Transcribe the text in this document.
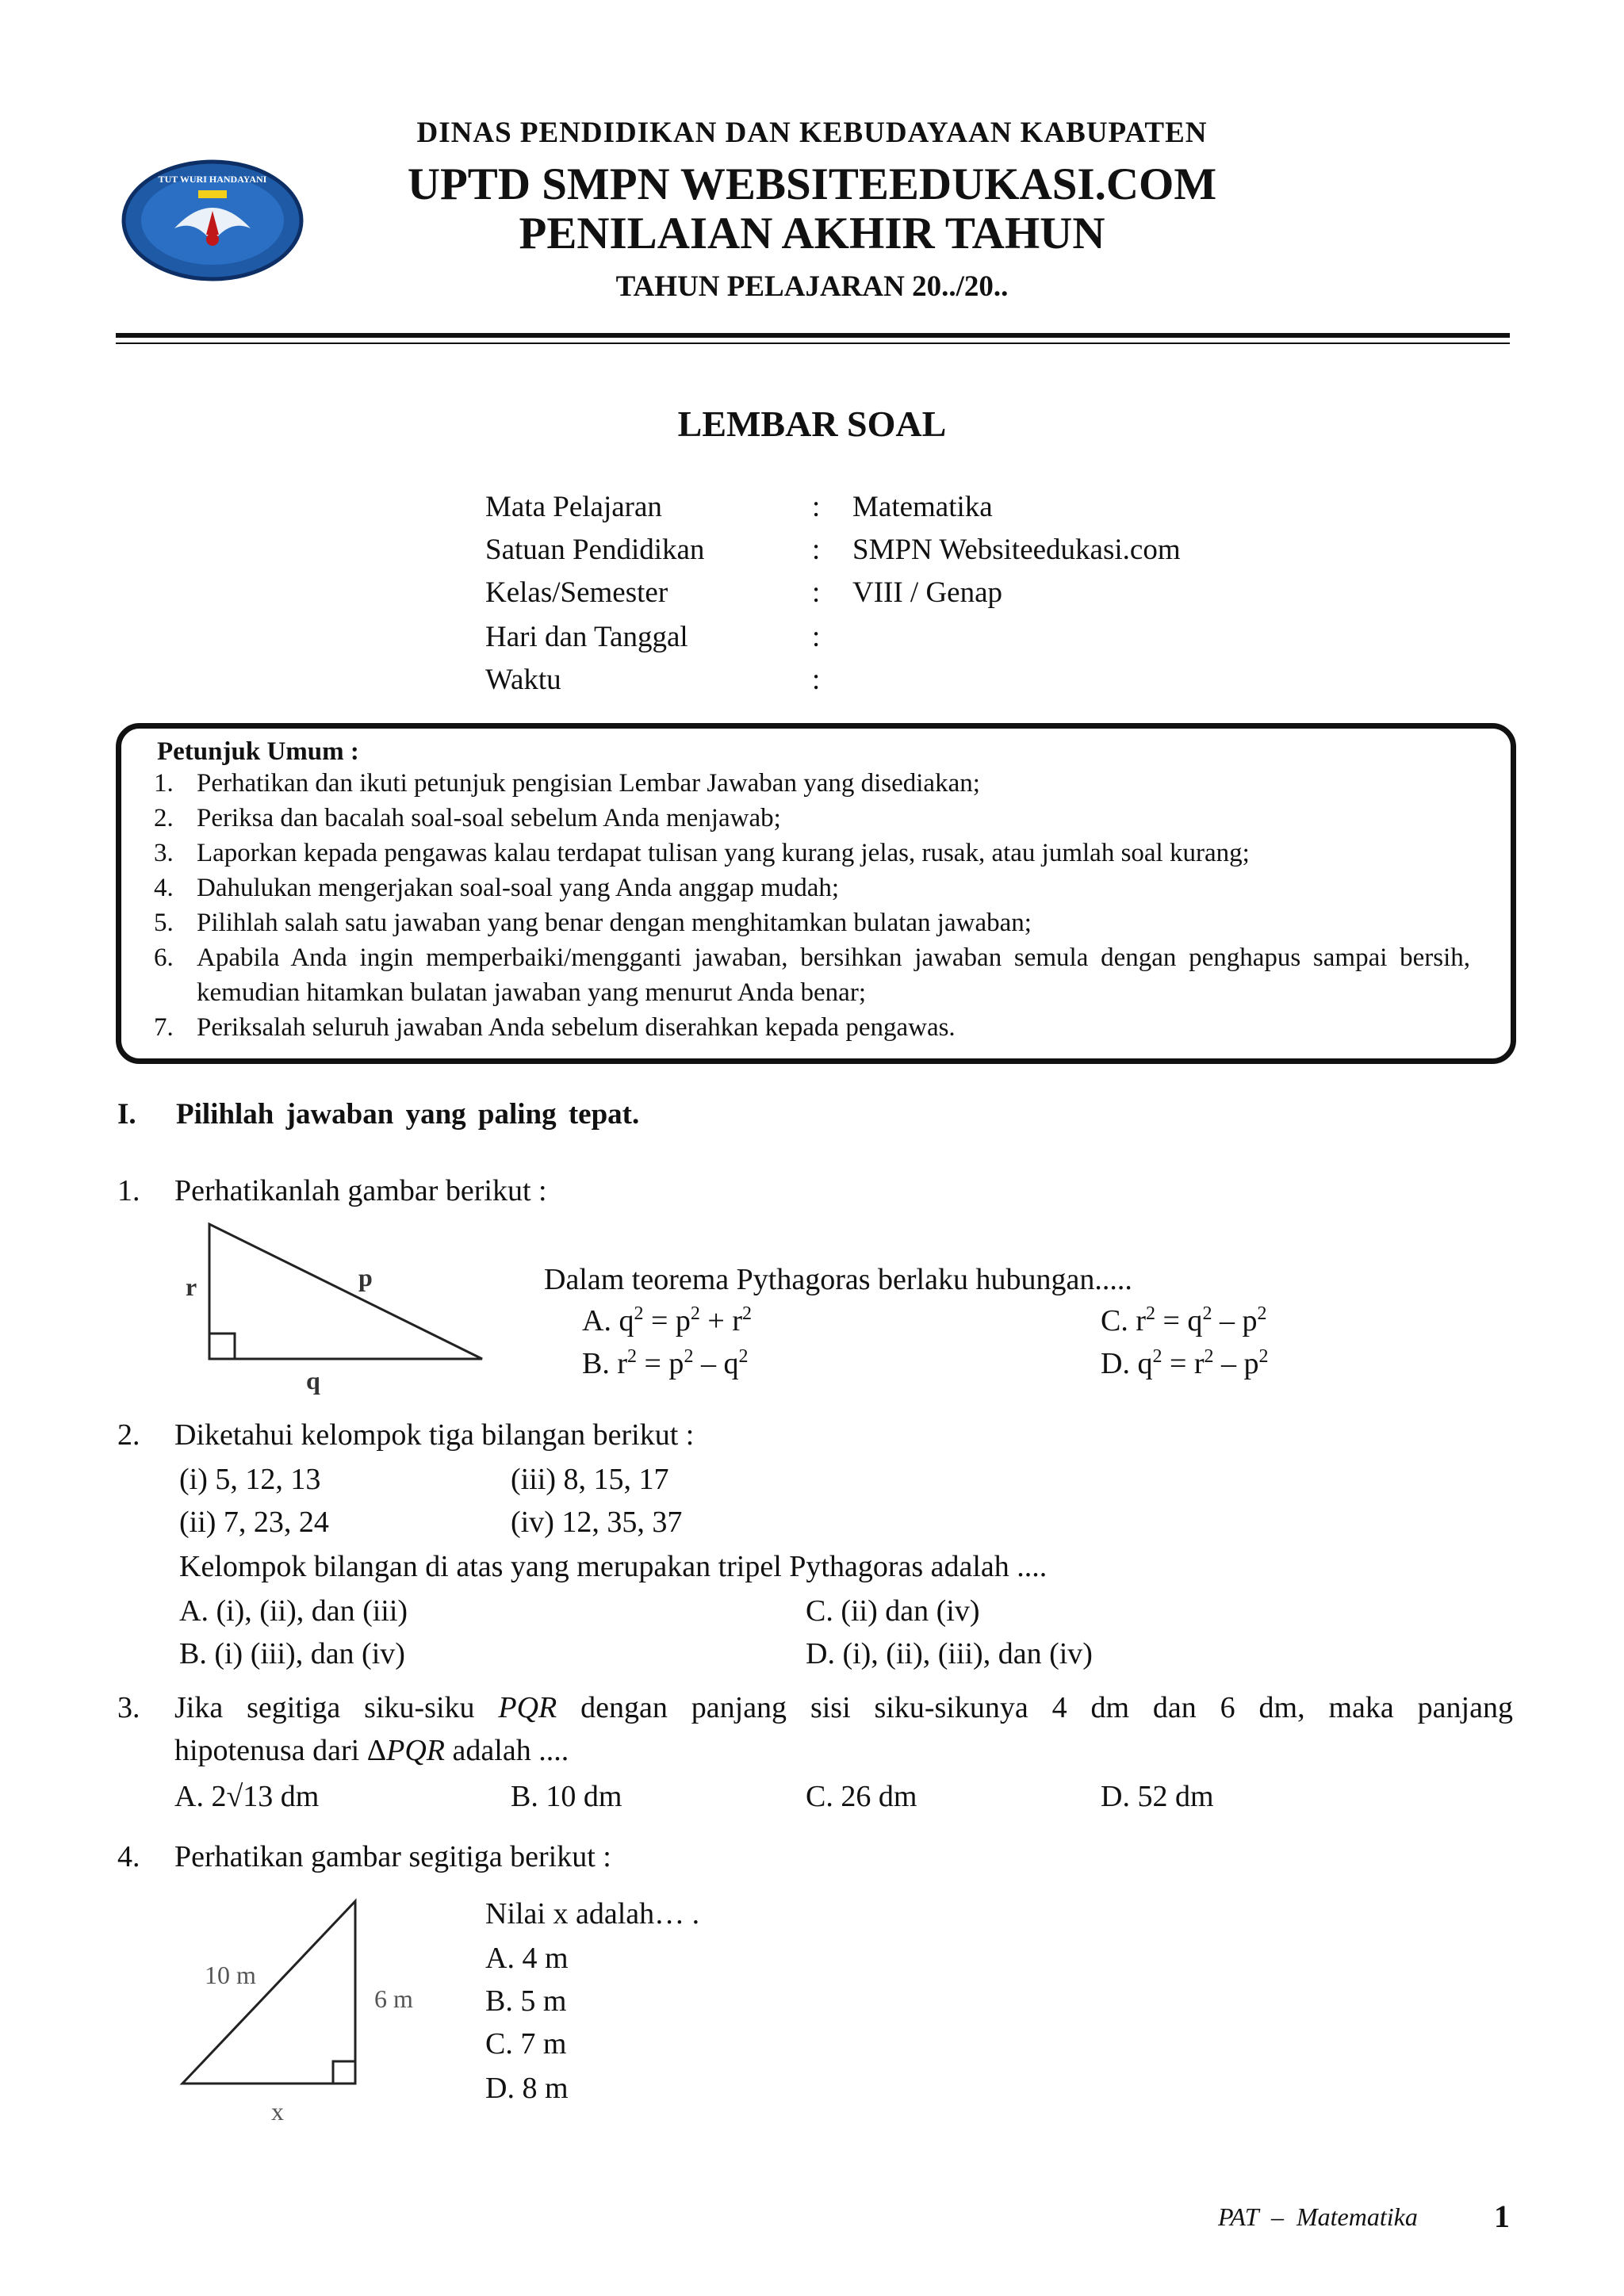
TUT WURI HANDAYANI
DINAS PENDIDIKAN DAN KEBUDAYAAN KABUPATEN
UPTD SMPN WEBSITEEDUKASI.COM
PENILAIAN AKHIR TAHUN
TAHUN PELAJARAN 20../20..
LEMBAR SOAL
Mata Pelajaran	: Matematika
Satuan Pendidikan	: SMPN Websiteedukasi.com
Kelas/Semester	: VIII / Genap
Hari dan Tanggal	:
Waktu	:
Petunjuk Umum :
1. Perhatikan dan ikuti petunjuk pengisian Lembar Jawaban yang disediakan;
2. Periksa dan bacalah soal-soal sebelum Anda menjawab;
3. Laporkan kepada pengawas kalau terdapat tulisan yang kurang jelas, rusak, atau jumlah soal kurang;
4. Dahulukan mengerjakan soal-soal yang Anda anggap mudah;
5. Pilihlah salah satu jawaban yang benar dengan menghitamkan bulatan jawaban;
6. Apabila Anda ingin memperbaiki/mengganti jawaban, bersihkan jawaban semula dengan penghapus sampai bersih, kemudian hitamkan bulatan jawaban yang menurut Anda benar;
7. Periksalah seluruh jawaban Anda sebelum diserahkan kepada pengawas.
I. Pilihlah jawaban yang paling tepat.
1. Perhatikanlah gambar berikut :
r	p
q
Dalam teorema Pythagoras berlaku hubungan.....
A. $q^2 = p^2 + r^2$	C. $r^2 = q^2 - p^2$
B. $r^2 = p^2 - q^2$	D. $q^2 = r^2 - p^2$
2. Diketahui kelompok tiga bilangan berikut :
(i) 5, 12, 13	(iii) 8, 15, 17
(ii) 7, 23, 24	(iv) 12, 35, 37
Kelompok bilangan di atas yang merupakan tripel Pythagoras adalah ....
A. (i), (ii), dan (iii)	C. (ii) dan (iv)
B. (i) (iii), dan (iv)	D. (i), (ii), (iii), dan (iv)
3. Jika segitiga siku-siku PQR dengan panjang sisi siku-sikunya 4 dm dan 6 dm, maka panjang
hipotenusa dari ΔPQR adalah ....
A. 2√13 dm	B. 10 dm	C. 26 dm	D. 52 dm
4. Perhatikan gambar segitiga berikut :
10 m
6 m
x
Nilai x adalah… .
A. 4 m
B. 5 m
C. 7 m
D. 8 m
PAT – Matematika 1
